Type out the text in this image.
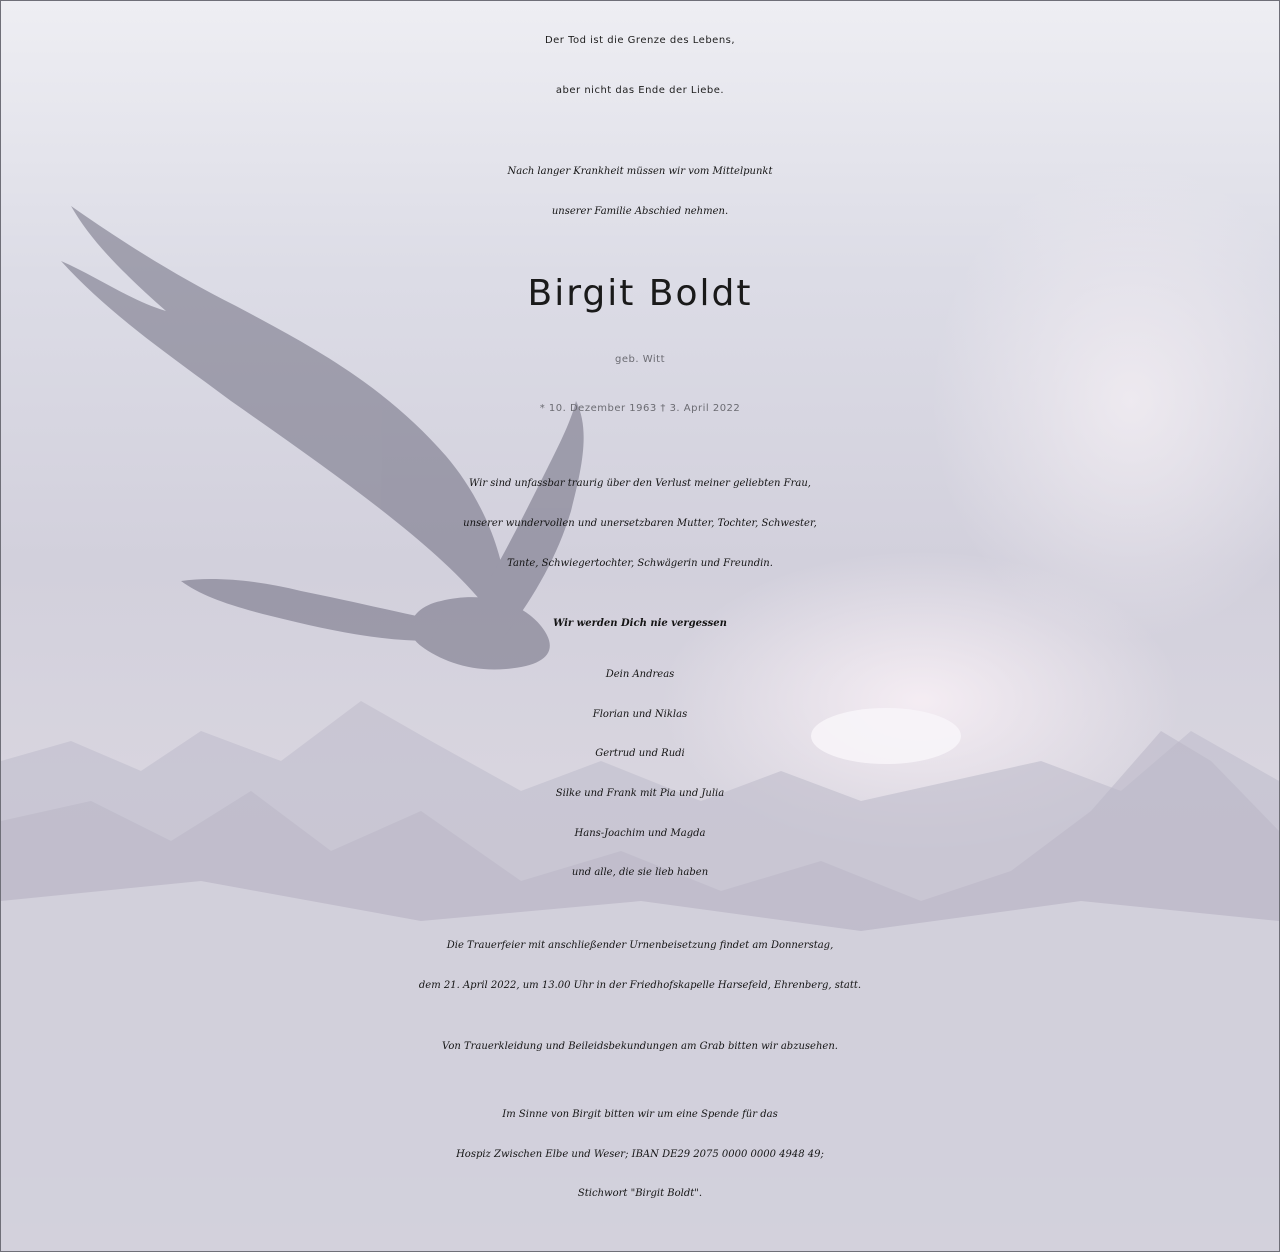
Der Tod ist die Grenze des Lebens,
aber nicht das Ende der Liebe.
Nach langer Krankheit müssen wir vom Mittelpunkt
unserer Familie Abschied nehmen.
Birgit Boldt
geb. Witt
* 10. Dezember 1963 † 3. April 2022
Wir sind unfassbar traurig über den Verlust meiner geliebten Frau,
unserer wundervollen und unersetzbaren Mutter, Tochter, Schwester,
Tante, Schwiegertochter, Schwägerin und Freundin.
Wir werden Dich nie vergessen
Dein Andreas
Florian und Niklas
Gertrud und Rudi
Silke und Frank mit Pia und Julia
Hans-Joachim und Magda
und alle, die sie lieb haben
Die Trauerfeier mit anschließender Urnenbeisetzung findet am Donnerstag,
dem 21. April 2022, um 13.00 Uhr in der Friedhofskapelle Harsefeld, Ehrenberg, statt.
Von Trauerkleidung und Beileidsbekundungen am Grab bitten wir abzusehen.
Im Sinne von Birgit bitten wir um eine Spende für das
Hospiz Zwischen Elbe und Weser; IBAN DE29 2075 0000 0000 4948 49;
Stichwort "Birgit Boldt".
